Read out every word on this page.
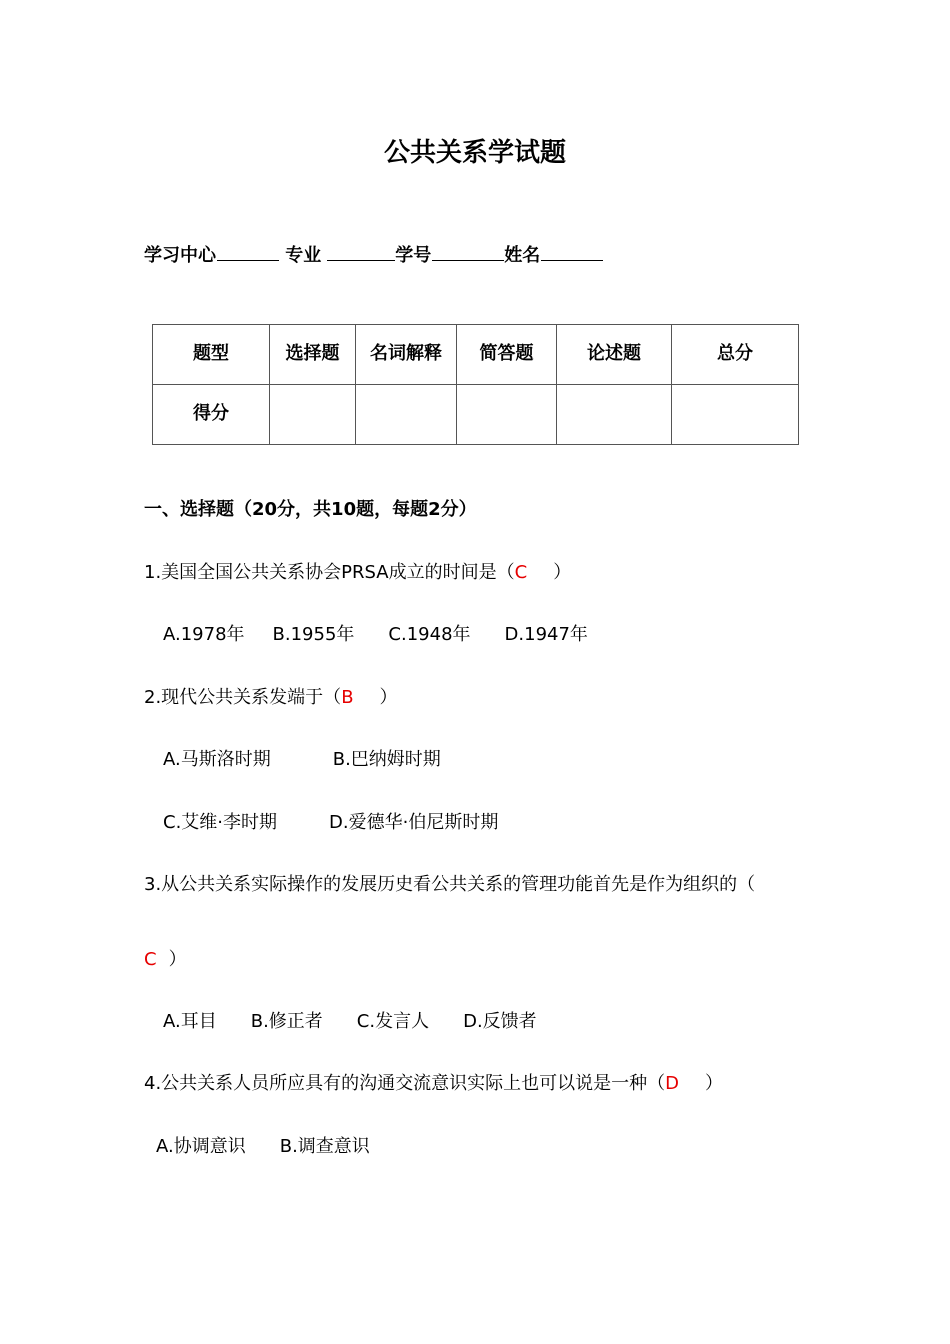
公共关系学试题
学习中心	专业	学号	姓名
题型	选择题	名词解释	简答题	论述题	总分
得分					
一、选择题（20分，共10题，每题2分）
1.美国全国公共关系协会PRSA成立的时间是（C ）
A.1978年 B.1955年 C.1948年 D.1947年
2.现代公共关系发端于（B ）
A.马斯洛时期	B.巴纳姆时期
C.艾维·李时期	D.爱德华·伯尼斯时期
3.从公共关系实际操作的发展历史看公共关系的管理功能首先是作为组织的（
C ）
A.耳目 B.修正者 C.发言人 D.反馈者
4.公共关系人员所应具有的沟通交流意识实际上也可以说是一种（D ）
A.协调意识 B.调查意识
